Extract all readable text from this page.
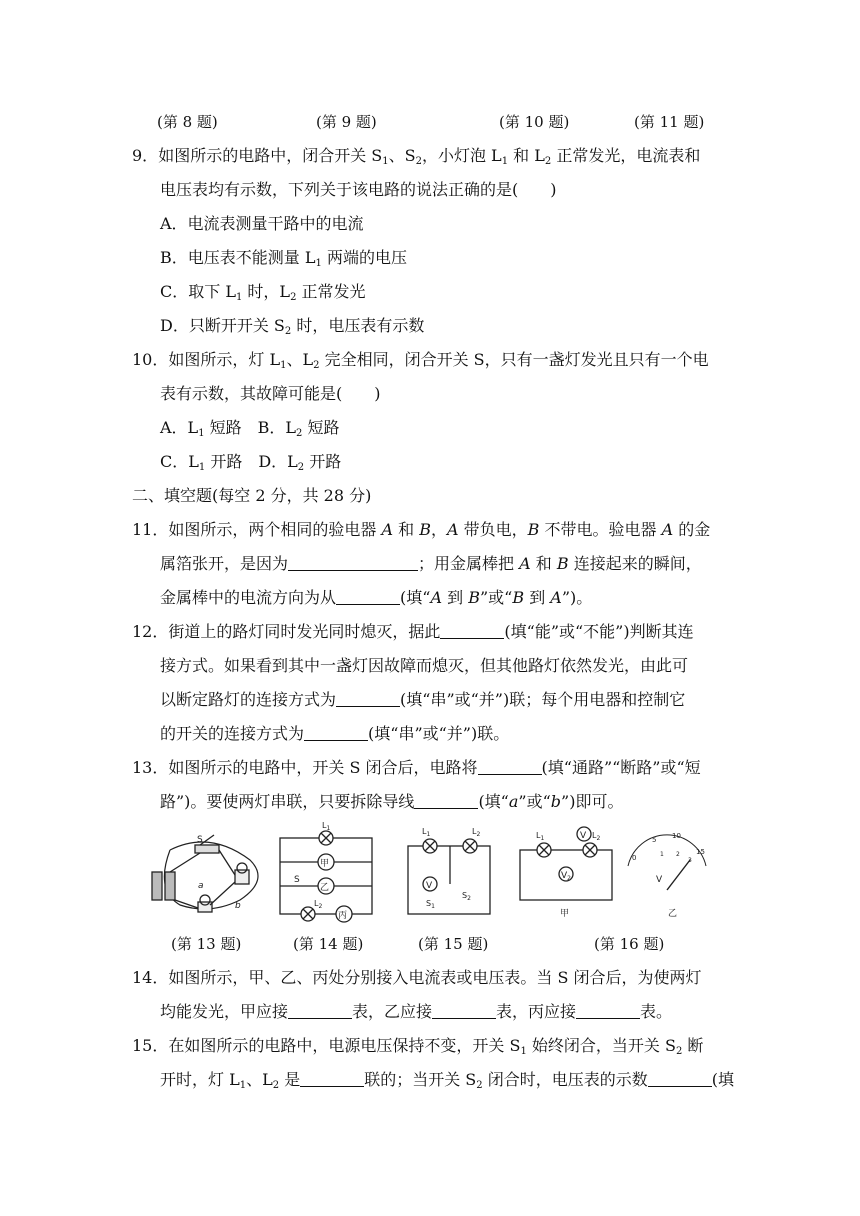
(第 8 题)	(第 9 题)	(第 10 题)	(第 11 题)
9．如图所示的电路中，闭合开关 $S_1$、$S_2$，小灯泡 $L_1$ 和 $L_2$ 正常发光，电流表和
电压表均有示数，下列关于该电路的说法正确的是(　　)
A．电流表测量干路中的电流
B．电压表不能测量 $L_1$ 两端的电压
C．取下 $L_1$ 时，$L_2$ 正常发光
D．只断开开关 $S_2$ 时，电压表有示数
10．如图所示，灯 $L_1$、$L_2$ 完全相同，闭合开关 S，只有一盏灯发光且只有一个电
表有示数，其故障可能是(　　)
A．$L_1$ 短路　B．$L_2$ 短路
C．$L_1$ 开路　D．$L_2$ 开路
二、填空题(每空 2 分，共 28 分)
11．如图所示，两个相同的验电器 A 和 B，A 带负电，B 不带电。验电器 A 的金
属箔张开，是因为	；用金属棒把 A 和 B 连接起来的瞬间，
金属棒中的电流方向为从	(填“A 到 B”或“B 到 A”)。
12．街道上的路灯同时发光同时熄灭，据此	(填“能”或“不能”)判断其连
接方式。如果看到其中一盏灯因故障而熄灭，但其他路灯依然发光，由此可
以断定路灯的连接方式为	(填“串”或“并”)联；每个用电器和控制它
的开关的连接方式为	(填“串”或“并”)联。
13．如图所示的电路中，开关 S 闭合后，电路将	(填“通路”“断路”或“短
路”)。要使两灯串联，只要拆除导线	(填“a”或“b”)即可。
S
a
b
$L_1$
甲
乙
S
$L_2$
丙
$L_1$	$L_2$
V
$S_2$
$S_1$
$L_1$	$L_2$
V
$V_2$
甲
0
5 10
15
1 2
3
V
乙
(第 13 题)	(第 14 题)	(第 15 题)	(第 16 题)
14．如图所示，甲、乙、丙处分别接入电流表或电压表。当 S 闭合后，为使两灯
均能发光，甲应接	表，乙应接	表，丙应接	表。
15．在如图所示的电路中，电源电压保持不变，开关 $S_1$ 始终闭合，当开关 $S_2$ 断
开时，灯 $L_1$、$L_2$ 是	联的；当开关 $S_2$ 闭合时，电压表的示数	(填
